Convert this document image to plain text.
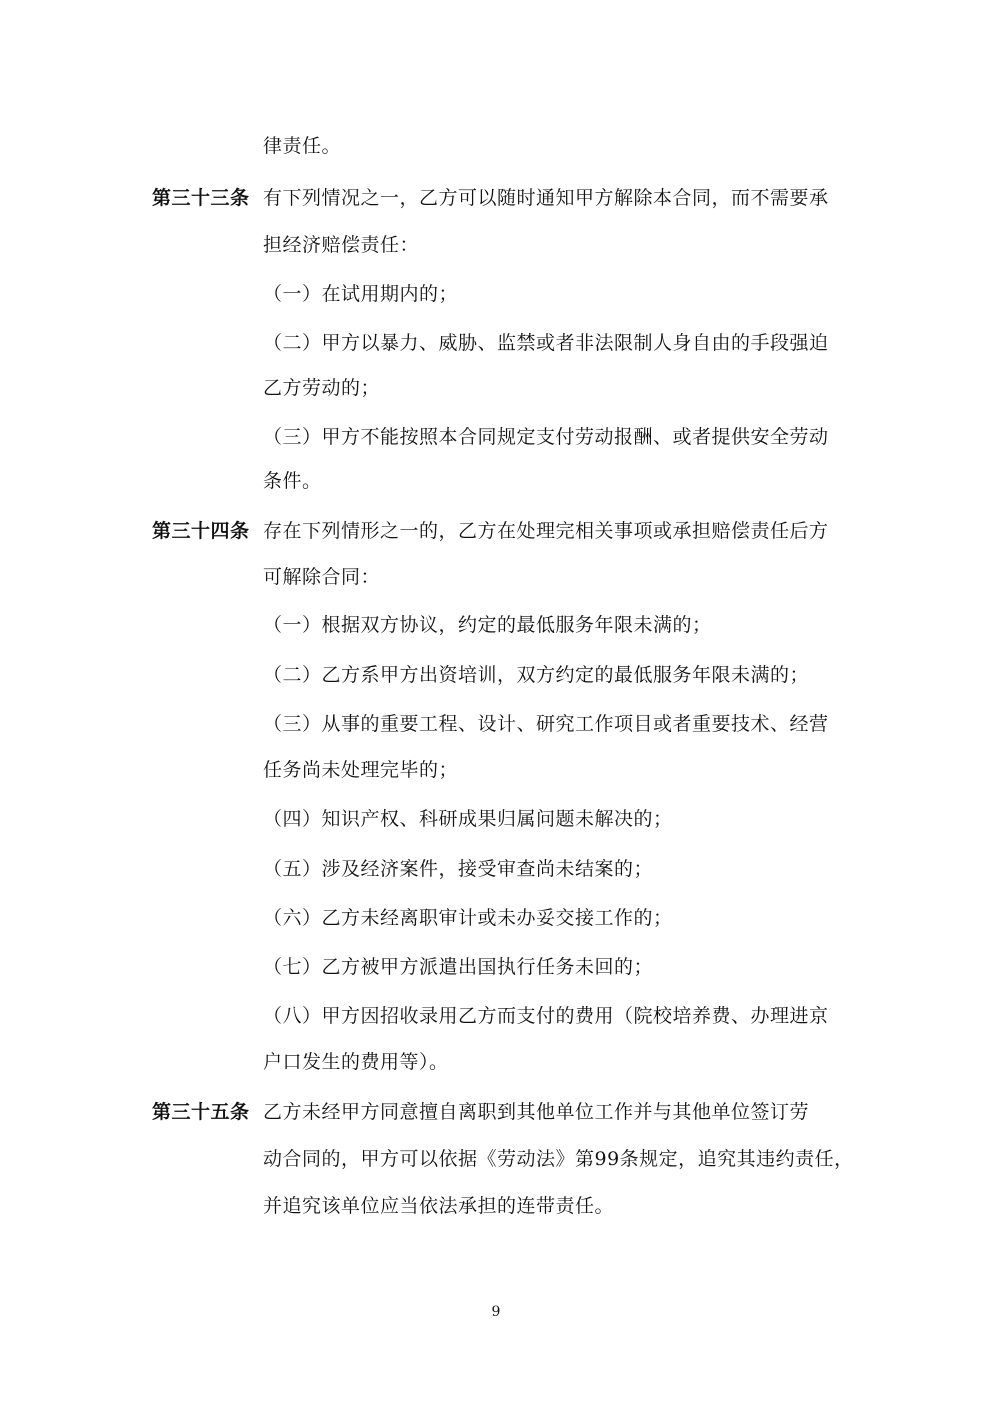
律责任。
第三十三条 有下列情况之一，乙方可以随时通知甲方解除本合同，而不需要承
担经济赔偿责任：
（一）在试用期内的；
（二）甲方以暴力、威胁、监禁或者非法限制人身自由的手段强迫
乙方劳动的；
（三）甲方不能按照本合同规定支付劳动报酬、或者提供安全劳动
条件。
第三十四条 存在下列情形之一的，乙方在处理完相关事项或承担赔偿责任后方
可解除合同：
（一）根据双方协议，约定的最低服务年限未满的；
（二）乙方系甲方出资培训，双方约定的最低服务年限未满的；
（三）从事的重要工程、设计、研究工作项目或者重要技术、经营
任务尚未处理完毕的；
（四）知识产权、科研成果归属问题未解决的；
（五）涉及经济案件，接受审查尚未结案的；
（六）乙方未经离职审计或未办妥交接工作的；
（七）乙方被甲方派遣出国执行任务未回的；
（八）甲方因招收录用乙方而支付的费用（院校培养费、办理进京
户口发生的费用等）。
第三十五条 乙方未经甲方同意擅自离职到其他单位工作并与其他单位签订劳
动合同的，甲方可以依据《劳动法》第99条规定，追究其违约责任，
并追究该单位应当依法承担的连带责任。
9
